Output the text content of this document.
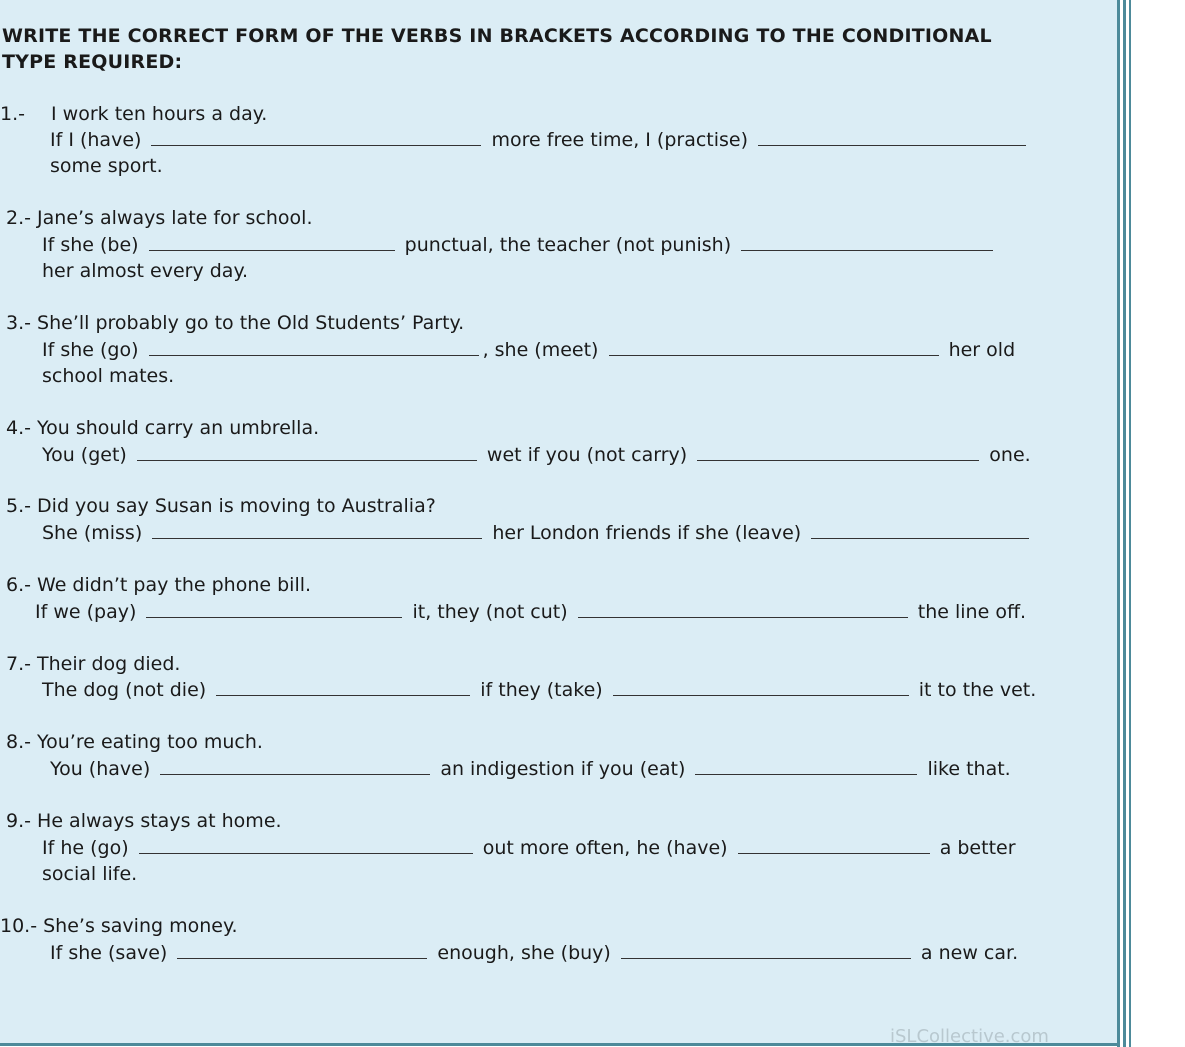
WRITE THE CORRECT FORM OF THE VERBS IN BRACKETS ACCORDING TO THE CONDITIONAL
TYPE REQUIRED:
1.- I work ten hours a day.
If I (have)	more free time, I (practise)
some sport.
2.- Jane’s always late for school.
If she (be)	punctual, the teacher (not punish)
her almost every day.
3.- She’ll probably go to the Old Students’ Party.
If she (go)	, she (meet)	her old
school mates.
4.- You should carry an umbrella.
You (get)	wet if you (not carry)	one.
5.- Did you say Susan is moving to Australia?
She (miss)	her London friends if she (leave)
6.- We didn’t pay the phone bill.
If we (pay)	it, they (not cut)	the line off.
7.- Their dog died.
The dog (not die)	if they (take)	it to the vet.
8.- You’re eating too much.
You (have)	an indigestion if you (eat)	like that.
9.- He always stays at home.
If he (go)	out more often, he (have)	a better
social life.
10.- She’s saving money.
If she (save)	enough, she (buy)	a new car.
iSLCollective.com
